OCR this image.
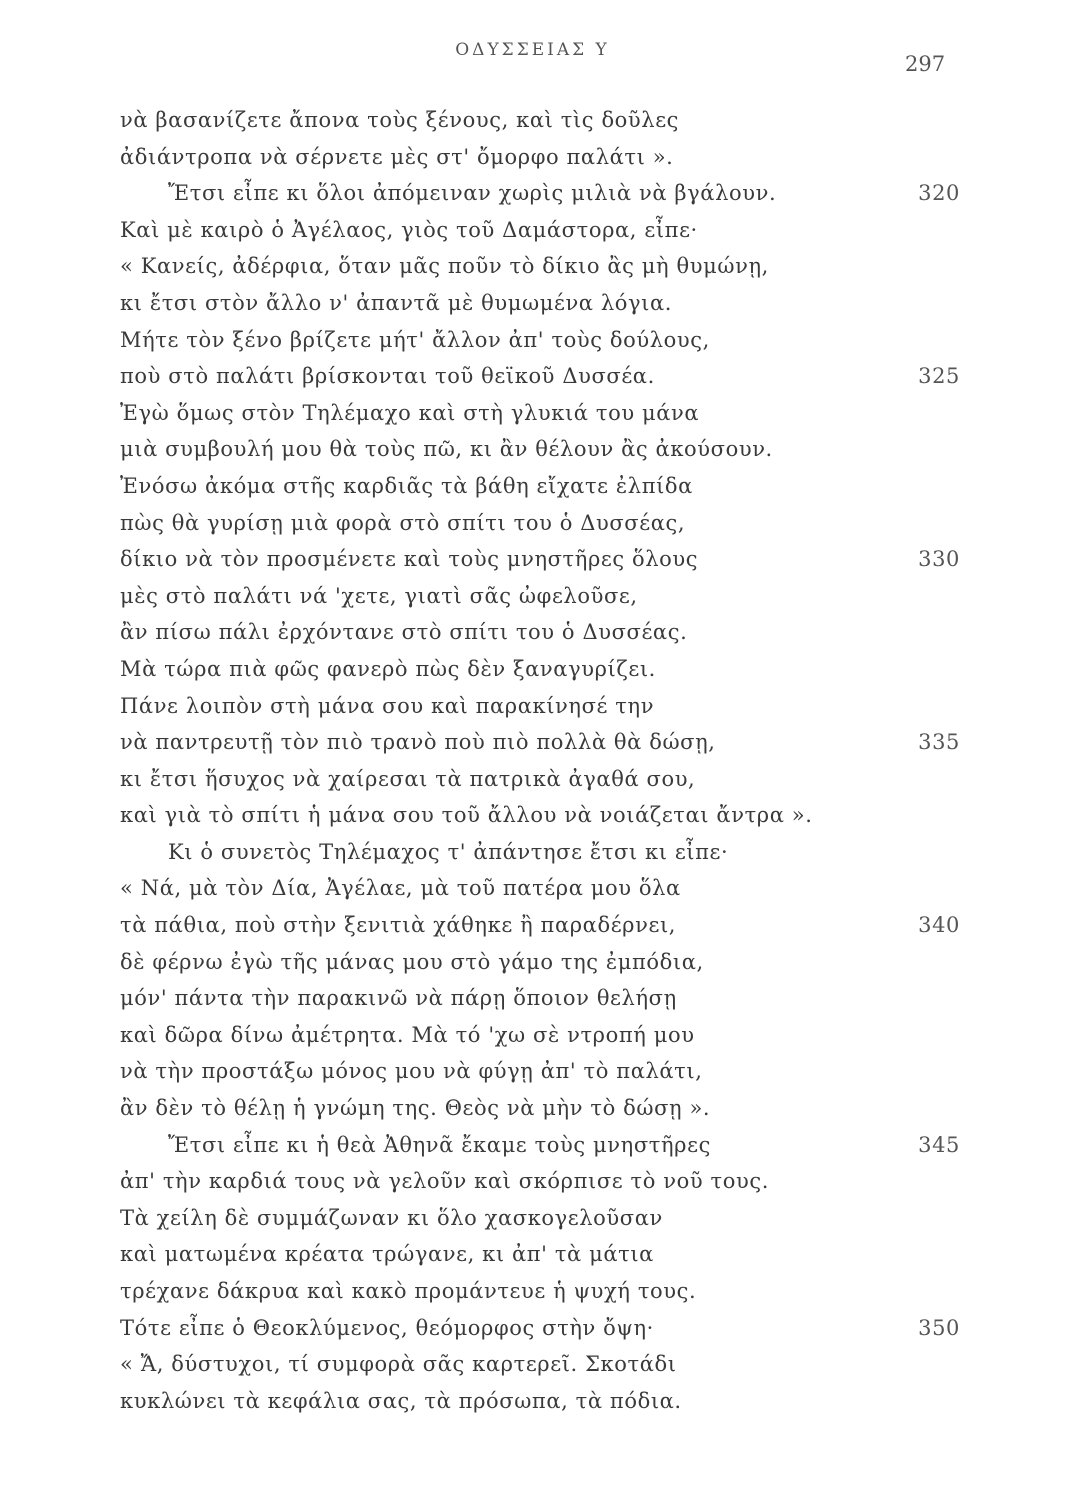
ΟΔΥΣΣΕΙΑΣ Υ
297
νὰ βασανίζετε ἄπονα τοὺς ξένους, καὶ τὶς δοῦλες
ἀδιάντροπα νὰ σέρνετε μὲς στ' ὄμορφο παλάτι ».
Ἔτσι εἶπε κι ὅλοι ἀπόμειναν χωρὶς μιλιὰ νὰ βγάλουν.	320
Καὶ μὲ καιρὸ ὁ Ἀγέλαος, γιὸς τοῦ Δαμάστορα, εἶπε·
« Κανείς, ἀδέρφια, ὅταν μᾶς ποῦν τὸ δίκιο ἂς μὴ θυμώνῃ,
κι ἔτσι στὸν ἄλλο ν' ἀπαντᾶ μὲ θυμωμένα λόγια.
Μήτε τὸν ξένο βρίζετε μήτ' ἄλλον ἀπ' τοὺς δούλους,
ποὺ στὸ παλάτι βρίσκονται τοῦ θεϊκοῦ Δυσσέα.	325
Ἐγὼ ὅμως στὸν Τηλέμαχο καὶ στὴ γλυκιά του μάνα
μιὰ συμβουλή μου θὰ τοὺς πῶ, κι ἂν θέλουν ἂς ἀκούσουν.
Ἐνόσω ἀκόμα στῆς καρδιᾶς τὰ βάθη εἴχατε ἐλπίδα
πὼς θὰ γυρίσῃ μιὰ φορὰ στὸ σπίτι του ὁ Δυσσέας,
δίκιο νὰ τὸν προσμένετε καὶ τοὺς μνηστῆρες ὅλους	330
μὲς στὸ παλάτι νά 'χετε, γιατὶ σᾶς ὠφελοῦσε,
ἂν πίσω πάλι ἐρχόντανε στὸ σπίτι του ὁ Δυσσέας.
Μὰ τώρα πιὰ φῶς φανερὸ πὼς δὲν ξαναγυρίζει.
Πάνε λοιπὸν στὴ μάνα σου καὶ παρακίνησέ την
νὰ παντρευτῇ τὸν πιὸ τρανὸ ποὺ πιὸ πολλὰ θὰ δώσῃ,	335
κι ἔτσι ἥσυχος νὰ χαίρεσαι τὰ πατρικὰ ἀγαθά σου,
καὶ γιὰ τὸ σπίτι ἡ μάνα σου τοῦ ἄλλου νὰ νοιάζεται ἄντρα ».
Κι ὁ συνετὸς Τηλέμαχος τ' ἀπάντησε ἔτσι κι εἶπε·
« Νά, μὰ τὸν Δία, Ἀγέλαε, μὰ τοῦ πατέρα μου ὅλα
τὰ πάθια, ποὺ στὴν ξενιτιὰ χάθηκε ἢ παραδέρνει,	340
δὲ φέρνω ἐγὼ τῆς μάνας μου στὸ γάμο της ἐμπόδια,
μόν' πάντα τὴν παρακινῶ νὰ πάρῃ ὅποιον θελήσῃ
καὶ δῶρα δίνω ἀμέτρητα. Μὰ τό 'χω σὲ ντροπή μου
νὰ τὴν προστάξω μόνος μου νὰ φύγῃ ἀπ' τὸ παλάτι,
ἂν δὲν τὸ θέλῃ ἡ γνώμη της. Θεὸς νὰ μὴν τὸ δώσῃ ».
Ἔτσι εἶπε κι ἡ θεὰ Ἀθηνᾶ ἔκαμε τοὺς μνηστῆρες	345
ἀπ' τὴν καρδιά τους νὰ γελοῦν καὶ σκόρπισε τὸ νοῦ τους.
Τὰ χείλη δὲ συμμάζωναν κι ὅλο χασκογελοῦσαν
καὶ ματωμένα κρέατα τρώγανε, κι ἀπ' τὰ μάτια
τρέχανε δάκρυα καὶ κακὸ προμάντευε ἡ ψυχή τους.
Τότε εἶπε ὁ Θεοκλύμενος, θεόμορφος στὴν ὄψη·	350
« Ἄ, δύστυχοι, τί συμφορὰ σᾶς καρτερεῖ. Σκοτάδι
κυκλώνει τὰ κεφάλια σας, τὰ πρόσωπα, τὰ πόδια.
